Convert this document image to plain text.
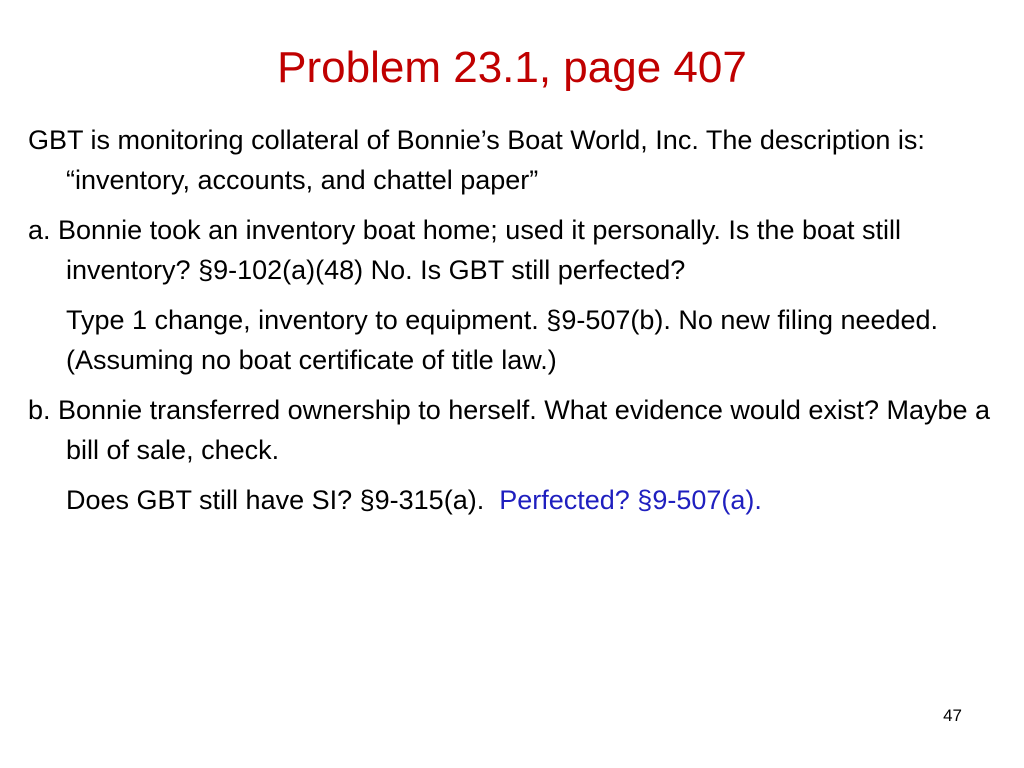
Problem 23.1, page 407

GBT is monitoring collateral of Bonnie’s Boat World, Inc. The description is: “inventory, accounts, and chattel paper”

a. Bonnie took an inventory boat home; used it personally. Is the boat still inventory? §9-102(a)(48) No. Is GBT still perfected?

Type 1 change, inventory to equipment. §9-507(b). No new filing needed. (Assuming no boat certificate of title law.)

b. Bonnie transferred ownership to herself. What evidence would exist? Maybe a bill of sale, check.

Does GBT still have SI? §9-315(a). Perfected? §9-507(a).

47
